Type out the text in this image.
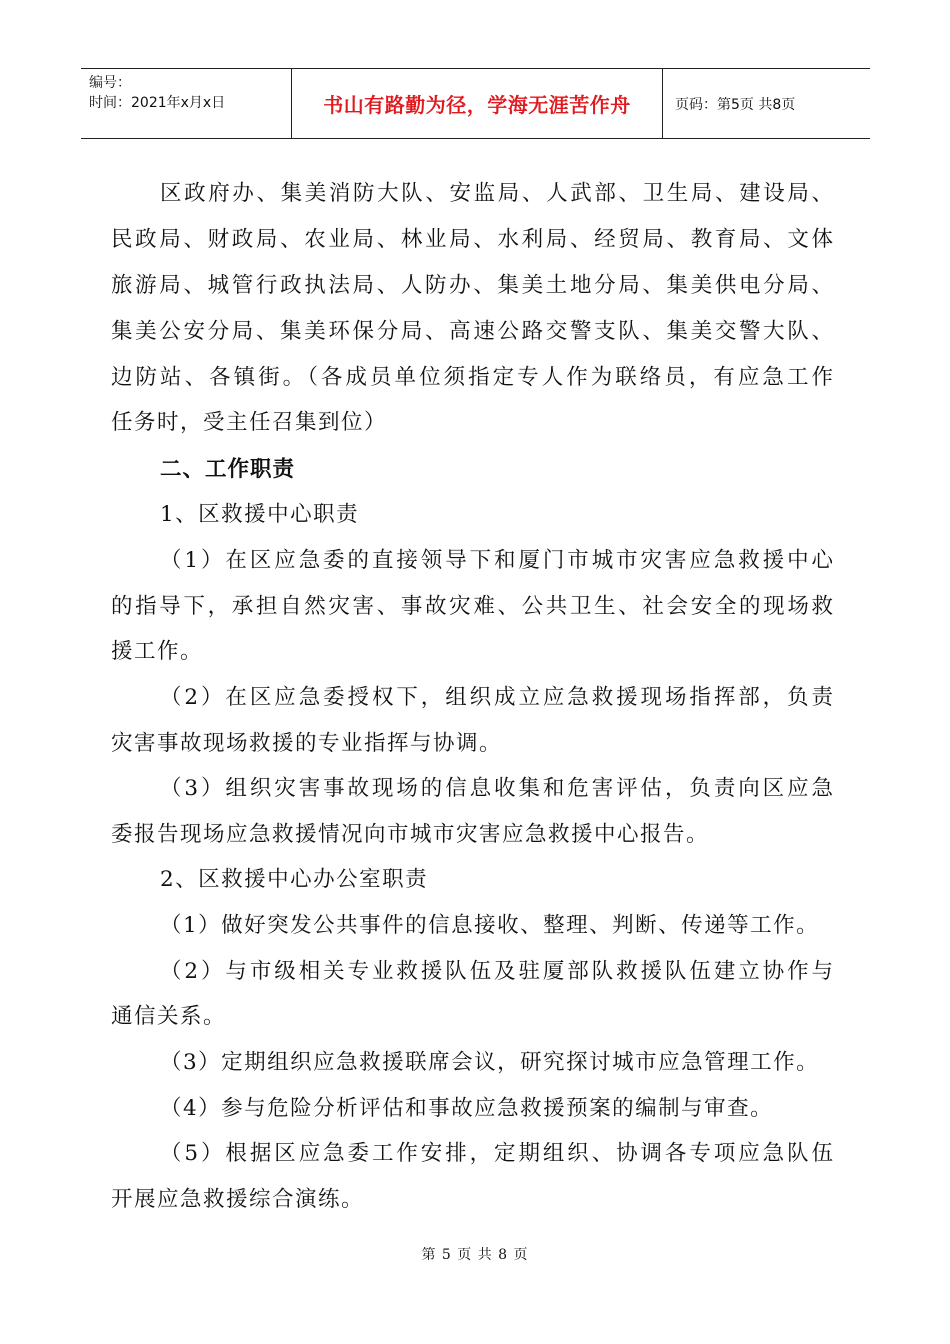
编号：
时间：2021年x月x日	书山有路勤为径，学海无涯苦作舟	页码：第5页 共8页
区政府办、集美消防大队、安监局、人武部、卫生局、建设局、
民政局、财政局、农业局、林业局、水利局、经贸局、教育局、文体
旅游局、城管行政执法局、人防办、集美土地分局、集美供电分局、
集美公安分局、集美环保分局、高速公路交警支队、集美交警大队、
边防站、各镇街。（各成员单位须指定专人作为联络员，有应急工作
任务时，受主任召集到位）
二、工作职责
1、区救援中心职责
（1）在区应急委的直接领导下和厦门市城市灾害应急救援中心
的指导下，承担自然灾害、事故灾难、公共卫生、社会安全的现场救
援工作。
（2）在区应急委授权下，组织成立应急救援现场指挥部，负责
灾害事故现场救援的专业指挥与协调。
（3）组织灾害事故现场的信息收集和危害评估，负责向区应急
委报告现场应急救援情况向市城市灾害应急救援中心报告。
2、区救援中心办公室职责
（1）做好突发公共事件的信息接收、整理、判断、传递等工作。
（2）与市级相关专业救援队伍及驻厦部队救援队伍建立协作与
通信关系。
（3）定期组织应急救援联席会议，研究探讨城市应急管理工作。
（4）参与危险分析评估和事故应急救援预案的编制与审查。
（5）根据区应急委工作安排，定期组织、协调各专项应急队伍
开展应急救援综合演练。
第 5 页 共 8 页
